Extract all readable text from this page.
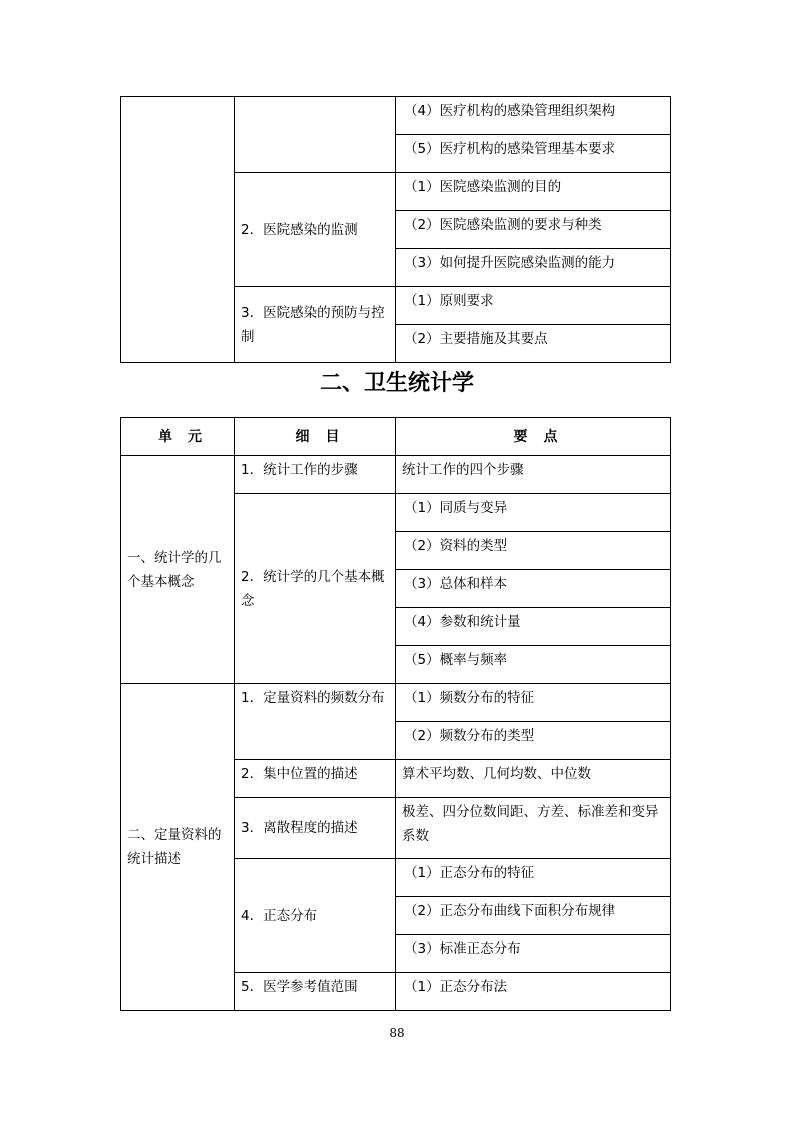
		（4）医疗机构的感染管理组织架构
		（5）医疗机构的感染管理基本要求
	2．医院感染的监测	（1）医院感染监测的目的
		（2）医院感染监测的要求与种类
		（3）如何提升医院感染监测的能力
	3．医院感染的预防与控制	（1）原则要求
		（2）主要措施及其要点
二、卫生统计学
单　元	细　目	要　点
一、统计学的几个基本概念	1．统计工作的步骤	统计工作的四个步骤
	2．统计学的几个基本概念	（1）同质与变异
		（2）资料的类型
		（3）总体和样本
		（4）参数和统计量
		（5）概率与频率
二、定量资料的统计描述	1．定量资料的频数分布	（1）频数分布的特征
		（2）频数分布的类型
	2．集中位置的描述	算术平均数、几何均数、中位数
	3．离散程度的描述	极差、四分位数间距、方差、标准差和变异系数
	4．正态分布	（1）正态分布的特征
		（2）正态分布曲线下面积分布规律
		（3）标准正态分布
	5．医学参考值范围	（1）正态分布法
88
